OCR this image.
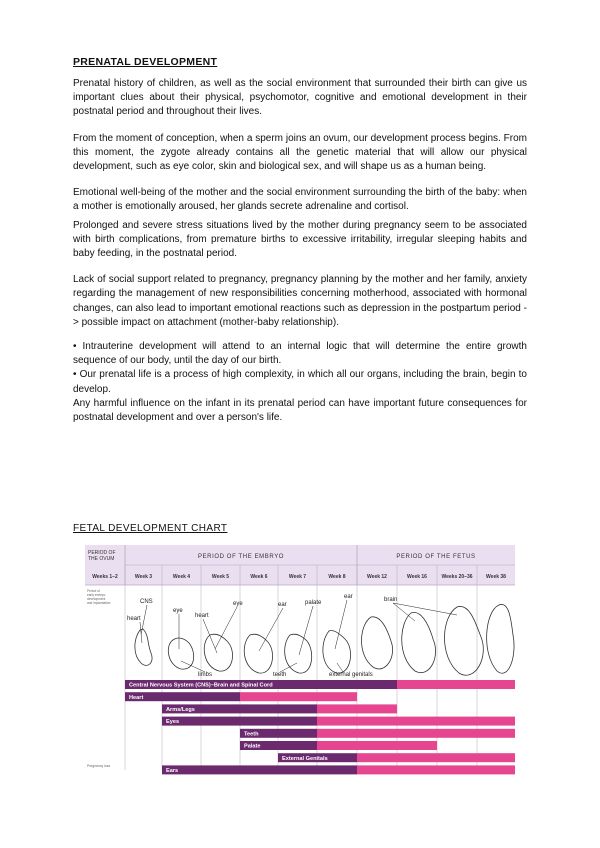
PRENATAL DEVELOPMENT

Prenatal history of children, as well as the social environment that surrounded their birth can give us important clues about their physical, psychomotor, cognitive and emotional development in their postnatal period and throughout their lives.

From the moment of conception, when a sperm joins an ovum, our development process begins. From this moment, the zygote already contains all the genetic material that will allow our physical development, such as eye color, skin and biological sex, and will shape us as a human being.

Emotional well-being of the mother and the social environment surrounding the birth of the baby: when a mother is emotionally aroused, her glands secrete adrenaline and cortisol.

Prolonged and severe stress situations lived by the mother during pregnancy seem to be associated with birth complications, from premature births to excessive irritability, irregular sleeping habits and baby feeding, in the postnatal period.

Lack of social support related to pregnancy, pregnancy planning by the mother and her family, anxiety regarding the management of new responsibilities concerning motherhood, associated with hormonal changes, can also lead to important emotional reactions such as depression in the postpartum period -> possible impact on attachment (mother-baby relationship).

• Intrauterine development will attend to an internal logic that will determine the entire growth sequence of our body, until the day of our birth.

• Our prenatal life is a process of high complexity, in which all our organs, including the brain, begin to develop.

Any harmful influence on the infant in its prenatal period can have important future consequences for postnatal development and over a person's life.

FETAL DEVELOPMENT CHART
PERIOD OF THE OVUM	PERIOD OF THE EMBRYO	PERIOD OF THE FETUS
Weeks 1–2	Week 3	Week 4	Week 5	Week 6	Week 7	Week 8	Week 12	Week 16	Weeks 20–36	Week 38
Period of early embryo development and implantation	CNS
heart
eye
heart
eye	ear	palate
ear	brain
limbs	teeth	external genitals
Central Nervous System (CNS)–Brain and Spinal Cord
Heart
Arms/Legs
Eyes
Teeth
Palate
External Genitals
Ears
Pregnancy loss
